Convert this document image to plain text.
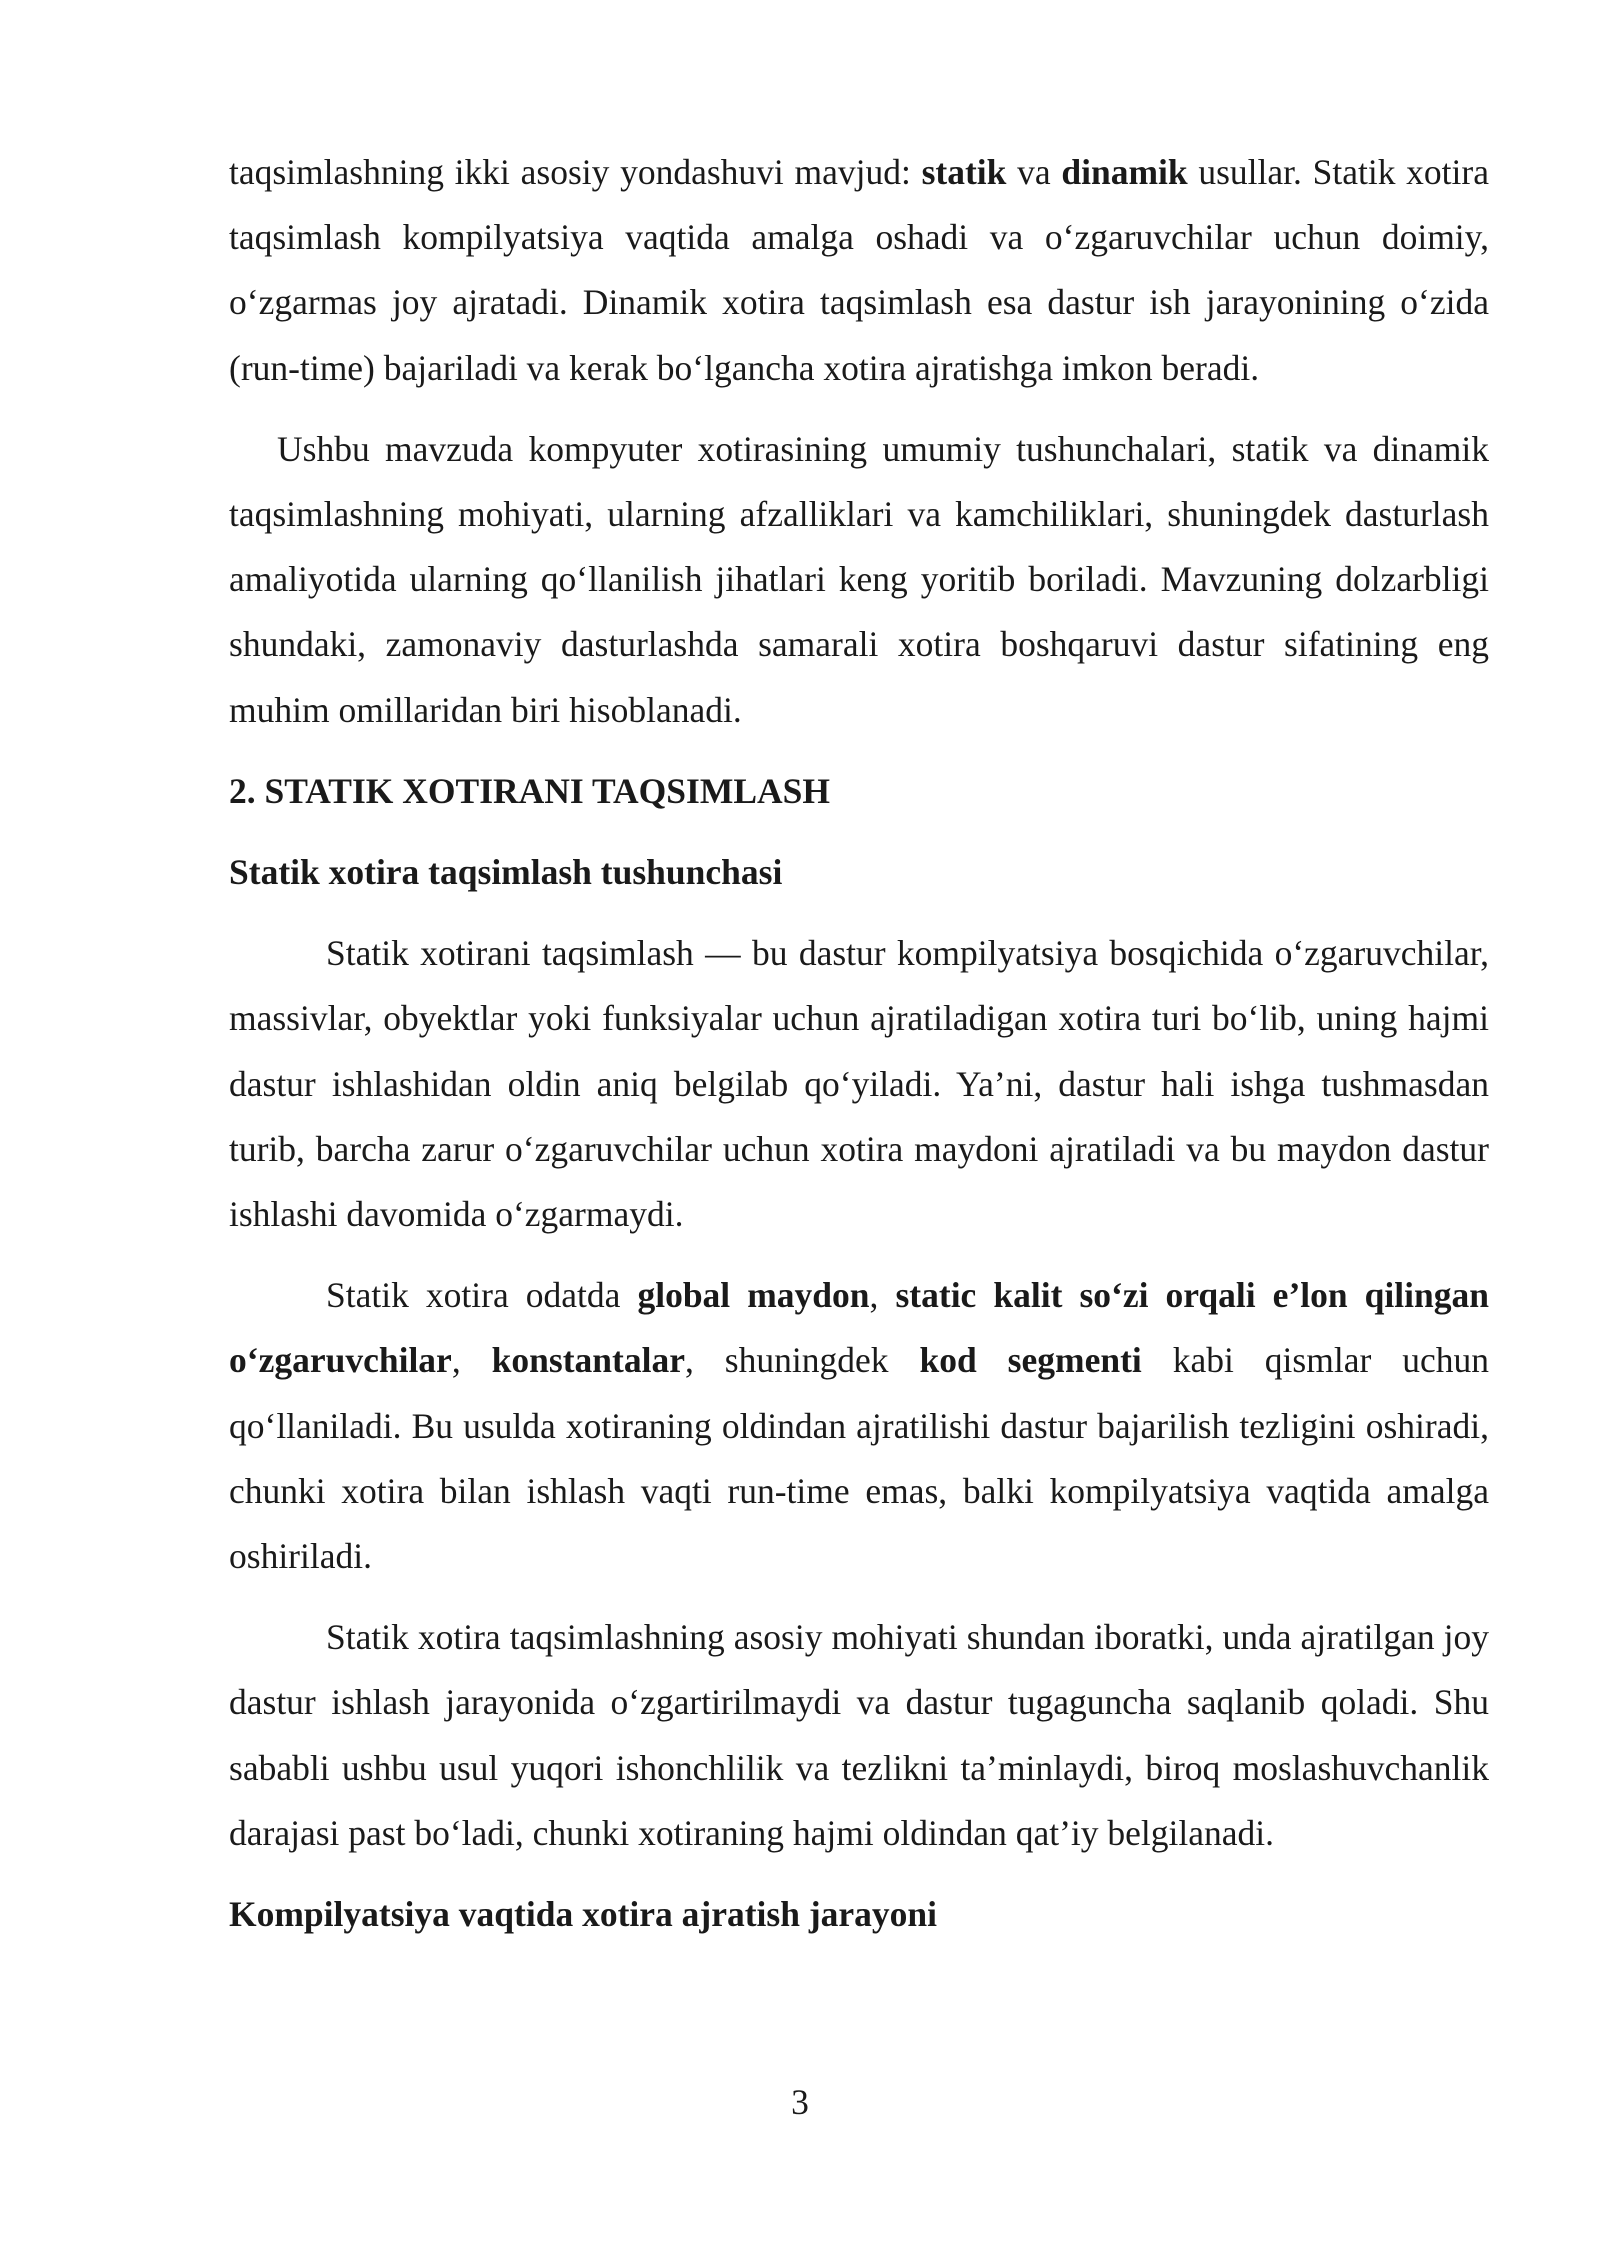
taqsimlashning ikki asosiy yondashuvi mavjud: statik va dinamik usullar. Statik xotira taqsimlash kompilyatsiya vaqtida amalga oshadi va o‘zgaruvchilar uchun doimiy, o‘zgarmas joy ajratadi. Dinamik xotira taqsimlash esa dastur ish jarayonining o‘zida (run-time) bajariladi va kerak bo‘lgancha xotira ajratishga imkon beradi.

Ushbu mavzuda kompyuter xotirasining umumiy tushunchalari, statik va dinamik taqsimlashning mohiyati, ularning afzalliklari va kamchiliklari, shuningdek dasturlash amaliyotida ularning qo‘llanilish jihatlari keng yoritib boriladi. Mavzuning dolzarbligi shundaki, zamonaviy dasturlashda samarali xotira boshqaruvi dastur sifatining eng muhim omillaridan biri hisoblanadi.

2. STATIK XOTIRANI TAQSIMLASH
Statik xotira taqsimlash tushunchasi

Statik xotirani taqsimlash — bu dastur kompilyatsiya bosqichida o‘zgaruvchilar, massivlar, obyektlar yoki funksiyalar uchun ajratiladigan xotira turi bo‘lib, uning hajmi dastur ishlashidan oldin aniq belgilab qo‘yiladi. Ya’ni, dastur hali ishga tushmasdan turib, barcha zarur o‘zgaruvchilar uchun xotira maydoni ajratiladi va bu maydon dastur ishlashi davomida o‘zgarmaydi.

Statik xotira odatda global maydon, static kalit so‘zi orqali e’lon qilingan o‘zgaruvchilar, konstantalar, shuningdek kod segmenti kabi qismlar uchun qo‘llaniladi. Bu usulda xotiraning oldindan ajratilishi dastur bajarilish tezligini oshiradi, chunki xotira bilan ishlash vaqti run-time emas, balki kompilyatsiya vaqtida amalga oshiriladi.

Statik xotira taqsimlashning asosiy mohiyati shundan iboratki, unda ajratilgan joy dastur ishlash jarayonida o‘zgartirilmaydi va dastur tugaguncha saqlanib qoladi. Shu sababli ushbu usul yuqori ishonchlilik va tezlikni ta’minlaydi, biroq moslashuvchanlik darajasi past bo‘ladi, chunki xotiraning hajmi oldindan qat’iy belgilanadi.

Kompilyatsiya vaqtida xotira ajratish jarayoni
3
